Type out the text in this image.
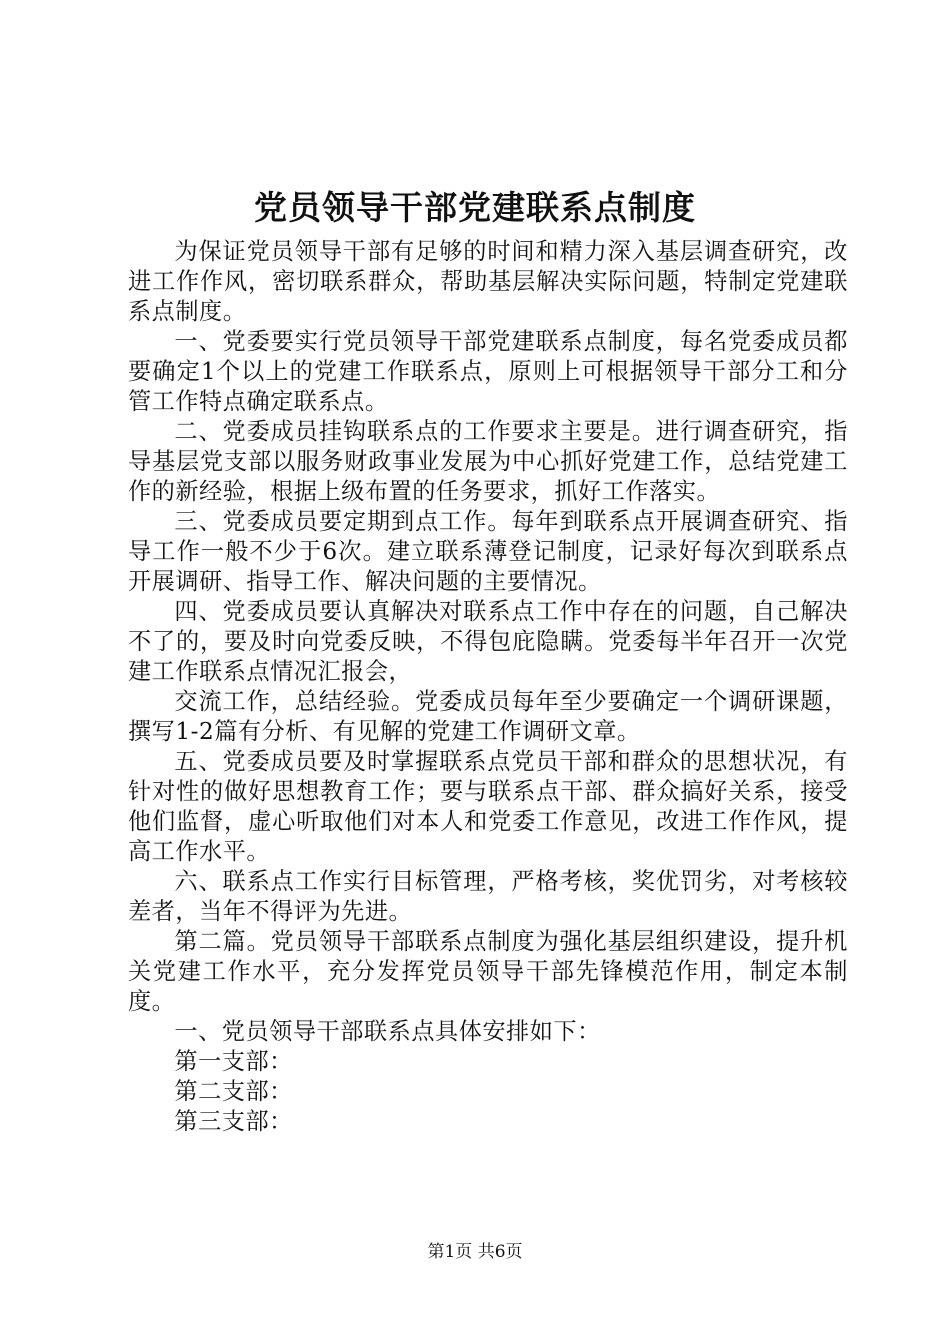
党员领导干部党建联系点制度

为保证党员领导干部有足够的时间和精力深入基层调查研究，改进工作作风，密切联系群众，帮助基层解决实际问题，特制定党建联系点制度。

一、党委要实行党员领导干部党建联系点制度，每名党委成员都要确定1个以上的党建工作联系点，原则上可根据领导干部分工和分管工作特点确定联系点。

二、党委成员挂钩联系点的工作要求主要是。进行调查研究，指导基层党支部以服务财政事业发展为中心抓好党建工作，总结党建工作的新经验，根据上级布置的任务要求，抓好工作落实。

三、党委成员要定期到点工作。每年到联系点开展调查研究、指导工作一般不少于6次。建立联系薄登记制度，记录好每次到联系点开展调研、指导工作、解决问题的主要情况。

四、党委成员要认真解决对联系点工作中存在的问题，自己解决不了的，要及时向党委反映，不得包庇隐瞒。党委每半年召开一次党建工作联系点情况汇报会，

交流工作，总结经验。党委成员每年至少要确定一个调研课题，撰写1-2篇有分析、有见解的党建工作调研文章。

五、党委成员要及时掌握联系点党员干部和群众的思想状况，有针对性的做好思想教育工作；要与联系点干部、群众搞好关系，接受他们监督，虚心听取他们对本人和党委工作意见，改进工作作风，提高工作水平。

六、联系点工作实行目标管理，严格考核，奖优罚劣，对考核较差者，当年不得评为先进。

第二篇。党员领导干部联系点制度为强化基层组织建设，提升机关党建工作水平，充分发挥党员领导干部先锋模范作用，制定本制度。

一、党员领导干部联系点具体安排如下：

第一支部：

第二支部：

第三支部：

第1页 共6页
